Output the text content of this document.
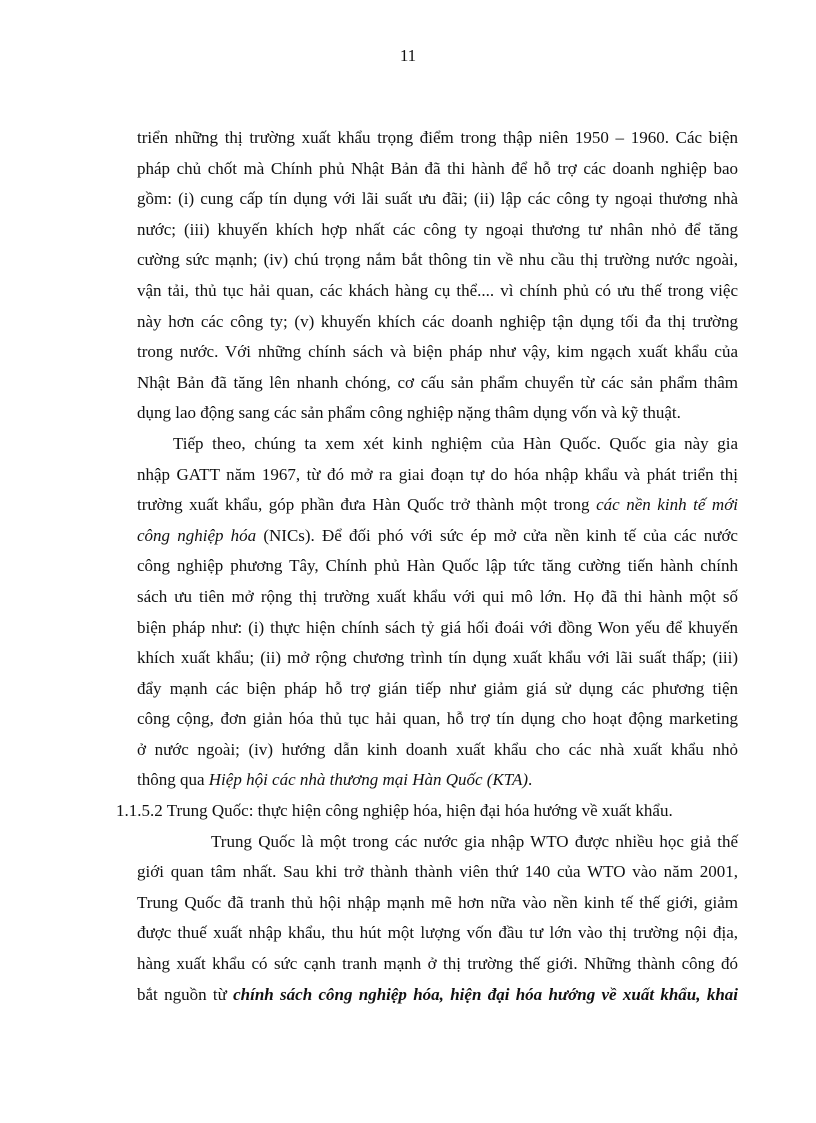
11
triển những thị trường xuất khẩu trọng điểm trong thập niên 1950 – 1960. Các biện
pháp chủ chốt mà Chính phủ Nhật Bản đã thi hành để hỗ trợ các doanh nghiệp bao
gồm: (i) cung cấp tín dụng với lãi suất ưu đãi; (ii) lập các công ty ngoại thương nhà
nước; (iii) khuyến khích hợp nhất các công ty ngoại thương tư nhân nhỏ để tăng
cường sức mạnh; (iv) chú trọng nắm bắt thông tin về nhu cầu thị trường nước ngoài,
vận tải, thủ tục hải quan, các khách hàng cụ thể.... vì chính phủ có ưu thế trong việc
này hơn các công ty; (v) khuyến khích các doanh nghiệp tận dụng tối đa thị trường
trong nước. Với những chính sách và biện pháp như vậy, kim ngạch xuất khẩu của
Nhật Bản đã tăng lên nhanh chóng, cơ cấu sản phẩm chuyển từ các sản phẩm thâm
dụng lao động sang các sản phẩm công nghiệp nặng thâm dụng vốn và kỹ thuật.
Tiếp theo, chúng ta xem xét kinh nghiệm của Hàn Quốc. Quốc gia này gia
nhập GATT năm 1967, từ đó mở ra giai đoạn tự do hóa nhập khẩu và phát triển thị
trường xuất khẩu, góp phần đưa Hàn Quốc trở thành một trong các nền kinh tế mới
công nghiệp hóa (NICs). Để đối phó với sức ép mở cửa nền kinh tế của các nước
công nghiệp phương Tây, Chính phủ Hàn Quốc lập tức tăng cường tiến hành chính
sách ưu tiên mở rộng thị trường xuất khẩu với qui mô lớn. Họ đã thi hành một số
biện pháp như: (i) thực hiện chính sách tỷ giá hối đoái với đồng Won yếu để khuyến
khích xuất khẩu; (ii) mở rộng chương trình tín dụng xuất khẩu với lãi suất thấp; (iii)
đẩy mạnh các biện pháp hỗ trợ gián tiếp như giảm giá sử dụng các phương tiện
công cộng, đơn giản hóa thủ tục hải quan, hỗ trợ tín dụng cho hoạt động marketing
ở nước ngoài; (iv) hướng dẫn kinh doanh xuất khẩu cho các nhà xuất khẩu nhỏ
thông qua Hiệp hội các nhà thương mại Hàn Quốc (KTA).
1.1.5.2 Trung Quốc: thực hiện công nghiệp hóa, hiện đại hóa hướng về xuất khẩu.
Trung Quốc là một trong các nước gia nhập WTO được nhiều học giả thế
giới quan tâm nhất. Sau khi trở thành thành viên thứ 140 của WTO vào năm 2001,
Trung Quốc đã tranh thủ hội nhập mạnh mẽ hơn nữa vào nền kinh tế thế giới, giảm
được thuế xuất nhập khẩu, thu hút một lượng vốn đầu tư lớn vào thị trường nội địa,
hàng xuất khẩu có sức cạnh tranh mạnh ở thị trường thế giới. Những thành công đó
bắt nguồn từ chính sách công nghiệp hóa, hiện đại hóa hướng về xuất khẩu, khai
